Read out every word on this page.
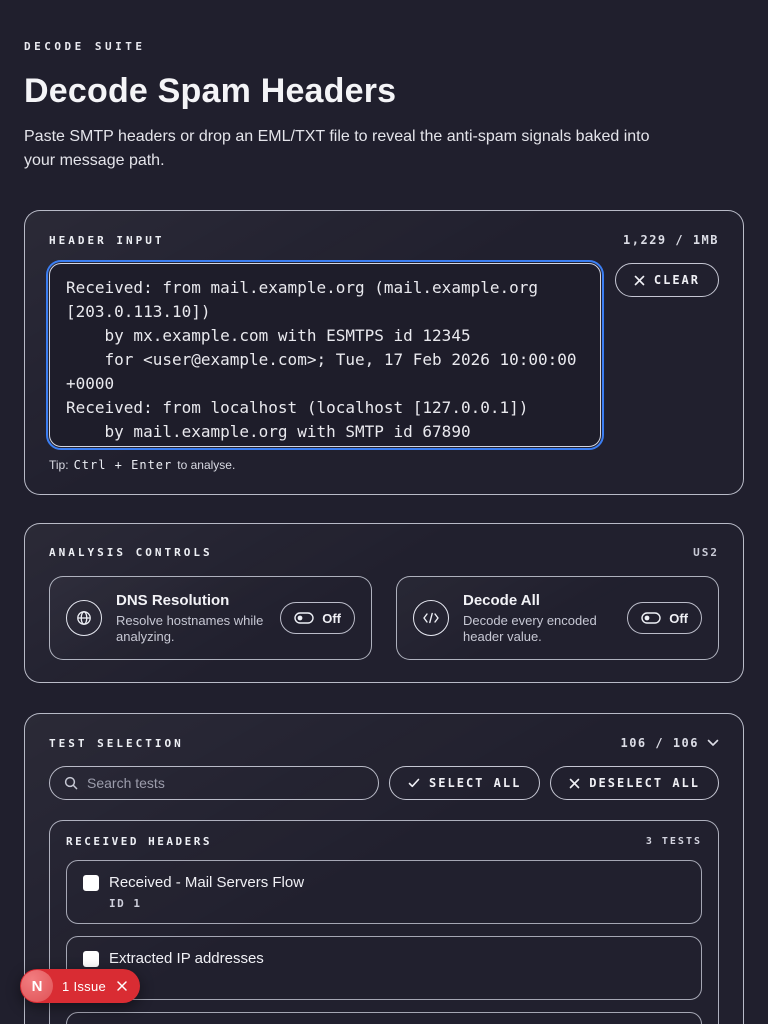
DECODE SUITE
Decode Spam Headers

Paste SMTP headers or drop an EML/TXT file to reveal the anti-spam signals baked into your message path.

HEADER INPUT	1,229 / 1MB
Received: from mail.example.org (mail.example.org [203.0.113.10]) by mx.example.com with ESMTPS id 12345 for <user@example.com>; Tue, 17 Feb 2026 10:00:00 +0000 Received: from localhost (localhost [127.0.0.1]) by mail.example.org with SMTP id 67890
CLEAR
Tip: Ctrl + Enter to analyse.
ANALYSIS CONTROLS	US2
DNS Resolution
Resolve hostnames while analyzing.
Off
Decode All
Decode every encoded header value.
Off
TEST SELECTION	106 / 106
Search tests
SELECT ALL	DESELECT ALL
RECEIVED HEADERS	3 TESTS
Received - Mail Servers Flow
ID 1
Extracted IP addresses
N	1 Issue
